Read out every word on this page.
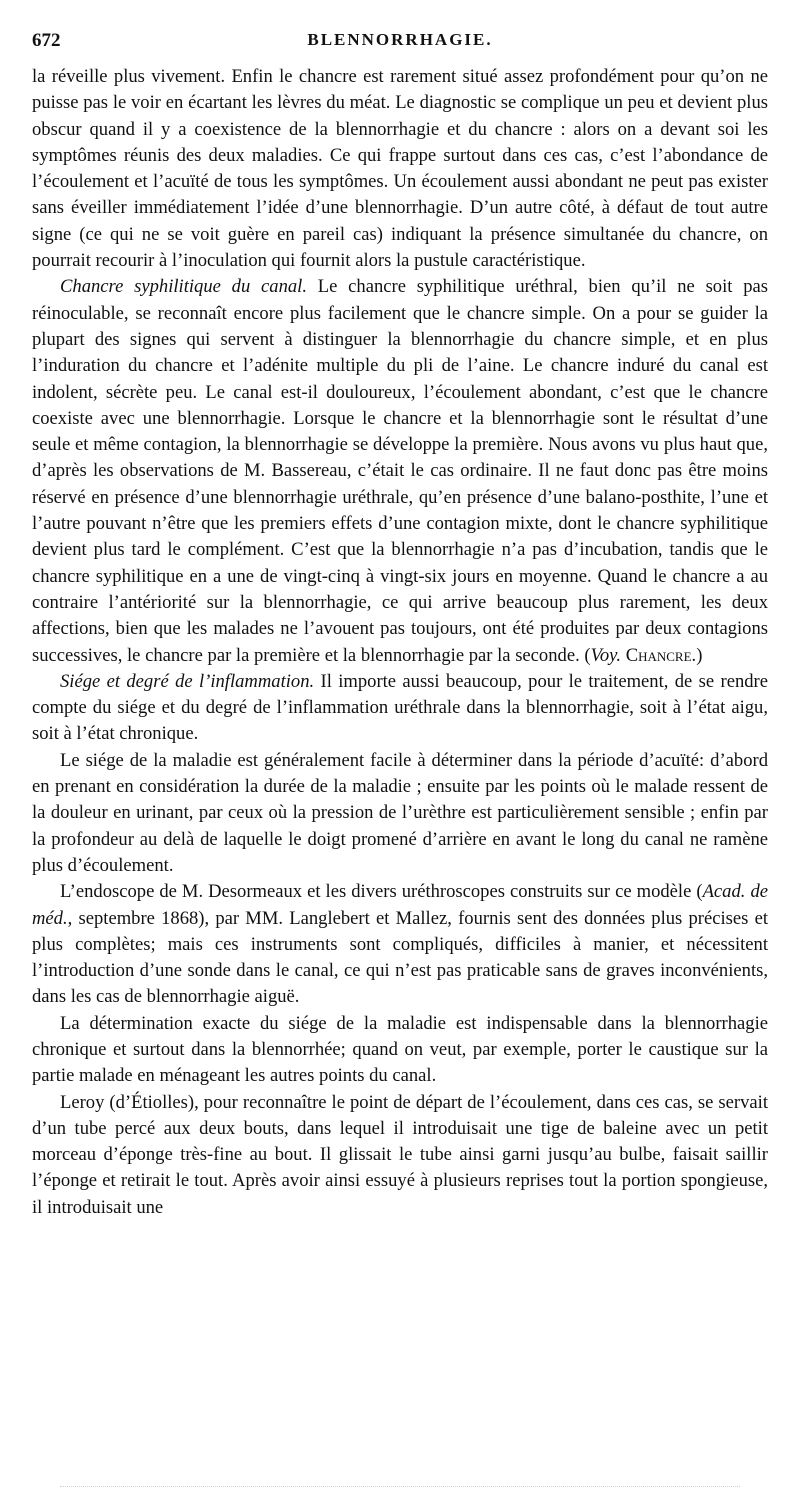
672	BLENNORRHAGIE.

la réveille plus vivement. Enfin le chancre est rarement situé assez profondément pour qu’on ne puisse pas le voir en écartant les lèvres du méat. Le diagnostic se complique un peu et devient plus obscur quand il y a coexistence de la blennorrhagie et du chancre : alors on a devant soi les symptômes réunis des deux maladies. Ce qui frappe surtout dans ces cas, c’est l’abondance de l’écoulement et l’acuïté de tous les symptômes. Un écoulement aussi abondant ne peut pas exister sans éveiller immédiatement l’idée d’une blennorrhagie. D’un autre côté, à défaut de tout autre signe (ce qui ne se voit guère en pareil cas) indiquant la présence simultanée du chancre, on pourrait recourir à l’inoculation qui fournit alors la pustule caractéristique.

Chancre syphilitique du canal. Le chancre syphilitique uréthral, bien qu’il ne soit pas réinoculable, se reconnaît encore plus facilement que le chancre simple. On a pour se guider la plupart des signes qui servent à distinguer la blennorrhagie du chancre simple, et en plus l’induration du chancre et l’adénite multiple du pli de l’aine. Le chancre induré du canal est indolent, sécrète peu. Le canal est-il douloureux, l’écoulement abondant, c’est que le chancre coexiste avec une blennorrhagie. Lorsque le chancre et la blennorrhagie sont le résultat d’une seule et même contagion, la blennorrhagie se développe la première. Nous avons vu plus haut que, d’après les observations de M. Bassereau, c’était le cas ordinaire. Il ne faut donc pas être moins réservé en présence d’une blennorrhagie uréthrale, qu’en présence d’une balano-posthite, l’une et l’autre pouvant n’être que les premiers effets d’une contagion mixte, dont le chancre syphilitique devient plus tard le complément. C’est que la blennorrhagie n’a pas d’incubation, tandis que le chancre syphilitique en a une de vingt-cinq à vingt-six jours en moyenne. Quand le chancre a au contraire l’antériorité sur la blennorrhagie, ce qui arrive beaucoup plus rarement, les deux affections, bien que les malades ne l’avouent pas toujours, ont été produites par deux contagions successives, le chancre par la première et la blennorrhagie par la seconde. (Voy. Chancre.)

Siége et degré de l’inflammation. Il importe aussi beaucoup, pour le traitement, de se rendre compte du siége et du degré de l’inflammation uréthrale dans la blennorrhagie, soit à l’état aigu, soit à l’état chronique.

Le siége de la maladie est généralement facile à déterminer dans la période d’acuïté: d’abord en prenant en considération la durée de la maladie ; ensuite par les points où le malade ressent de la douleur en urinant, par ceux où la pression de l’urèthre est particulièrement sensible ; enfin par la profondeur au delà de laquelle le doigt promené d’arrière en avant le long du canal ne ramène plus d’écoulement.

L’endoscope de M. Desormeaux et les divers uréthroscopes construits sur ce modèle (Acad. de méd., septembre 1868), par MM. Langlebert et Mallez, fournis sent des données plus précises et plus complètes; mais ces instruments sont compliqués, difficiles à manier, et nécessitent l’introduction d’une sonde dans le canal, ce qui n’est pas praticable sans de graves inconvénients, dans les cas de blennorrhagie aiguë.

La détermination exacte du siége de la maladie est indispensable dans la blennorrhagie chronique et surtout dans la blennorrhée; quand on veut, par exemple, porter le caustique sur la partie malade en ménageant les autres points du canal.

Leroy (d’Étiolles), pour reconnaître le point de départ de l’écoulement, dans ces cas, se servait d’un tube percé aux deux bouts, dans lequel il introduisait une tige de baleine avec un petit morceau d’éponge très-fine au bout. Il glissait le tube ainsi garni jusqu’au bulbe, faisait saillir l’éponge et retirait le tout. Après avoir ainsi essuyé à plusieurs reprises tout la portion spongieuse, il introduisait une
